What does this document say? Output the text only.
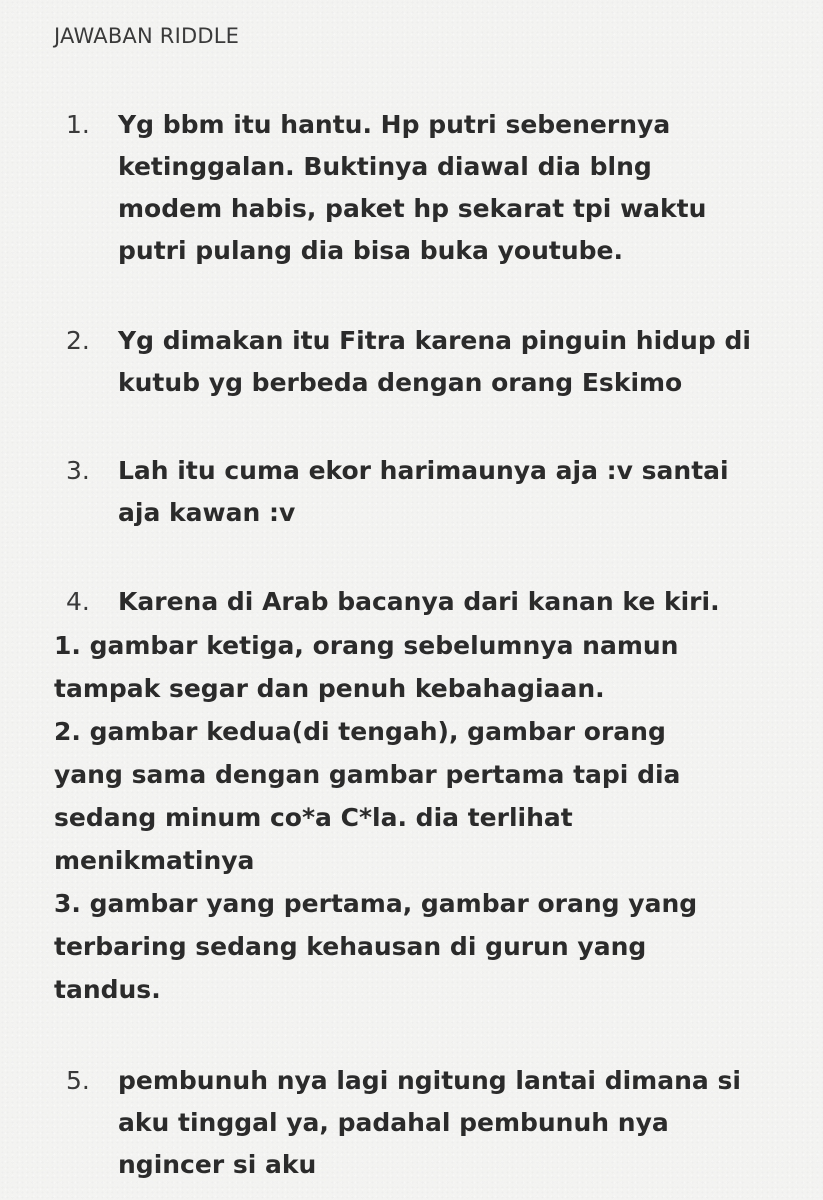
JAWABAN RIDDLE
1. Yg bbm itu hantu. Hp putri sebenernya
ketinggalan. Buktinya diawal dia blng
modem habis, paket hp sekarat tpi waktu
putri pulang dia bisa buka youtube.
2. Yg dimakan itu Fitra karena pinguin hidup di
kutub yg berbeda dengan orang Eskimo
3. Lah itu cuma ekor harimaunya aja :v santai
aja kawan :v
4. Karena di Arab bacanya dari kanan ke kiri.
1. gambar ketiga, orang sebelumnya namun
tampak segar dan penuh kebahagiaan.
2. gambar kedua(di tengah), gambar orang
yang sama dengan gambar pertama tapi dia
sedang minum co*a C*la. dia terlihat
menikmatinya
3. gambar yang pertama, gambar orang yang
terbaring sedang kehausan di gurun yang
tandus.
5. pembunuh nya lagi ngitung lantai dimana si
aku tinggal ya, padahal pembunuh nya
ngincer si aku
